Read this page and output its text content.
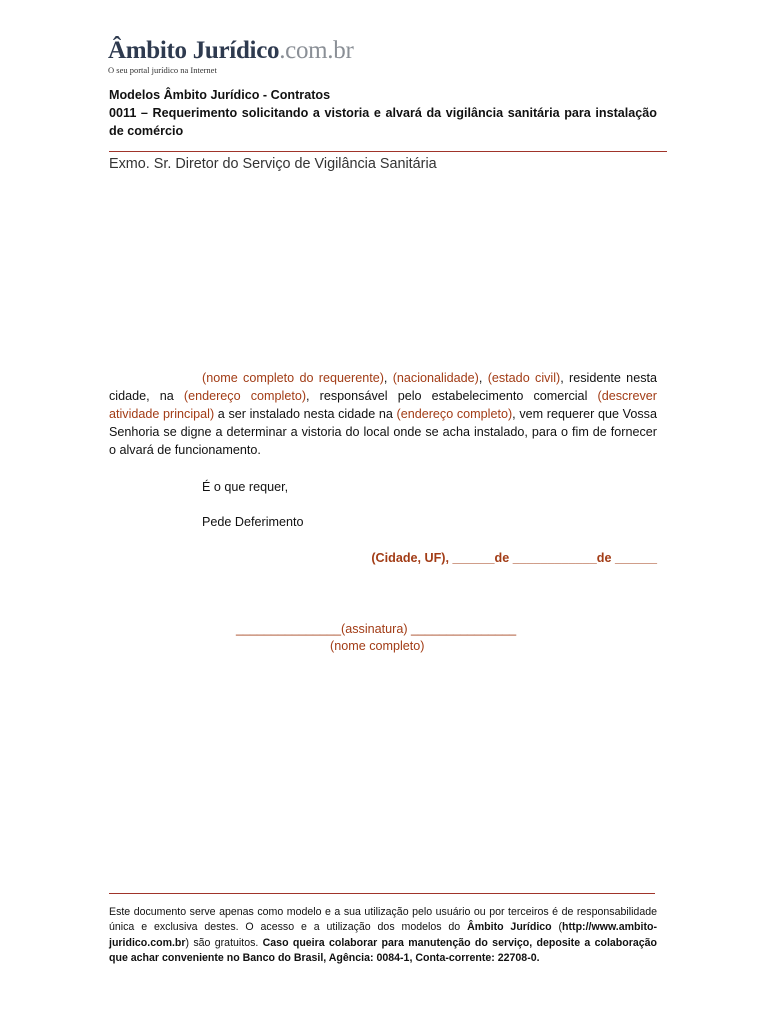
Âmbito Jurídico.com.br
O seu portal jurídico na Internet
Modelos Âmbito Jurídico - Contratos
0011 – Requerimento solicitando a vistoria e alvará da vigilância sanitária para instalação de comércio
Exmo. Sr. Diretor do Serviço de Vigilância Sanitária
(nome completo do requerente), (nacionalidade), (estado civil), residente nesta cidade, na (endereço completo), responsável pelo estabelecimento comercial (descrever atividade principal) a ser instalado nesta cidade na (endereço completo), vem requerer que Vossa Senhoria se digne a determinar a vistoria do local onde se acha instalado, para o fim de fornecer o alvará de funcionamento.
É o que requer,
Pede Deferimento
(Cidade, UF), ______de ____________de ______
_______________(assinatura) _______________
(nome completo)
Este documento serve apenas como modelo e a sua utilização pelo usuário ou por terceiros é de responsabilidade única e exclusiva destes. O acesso e a utilização dos modelos do Âmbito Jurídico (http://www.ambito-juridico.com.br) são gratuitos. Caso queira colaborar para manutenção do serviço, deposite a colaboração que achar conveniente no Banco do Brasil, Agência: 0084-1, Conta-corrente: 22708-0.
